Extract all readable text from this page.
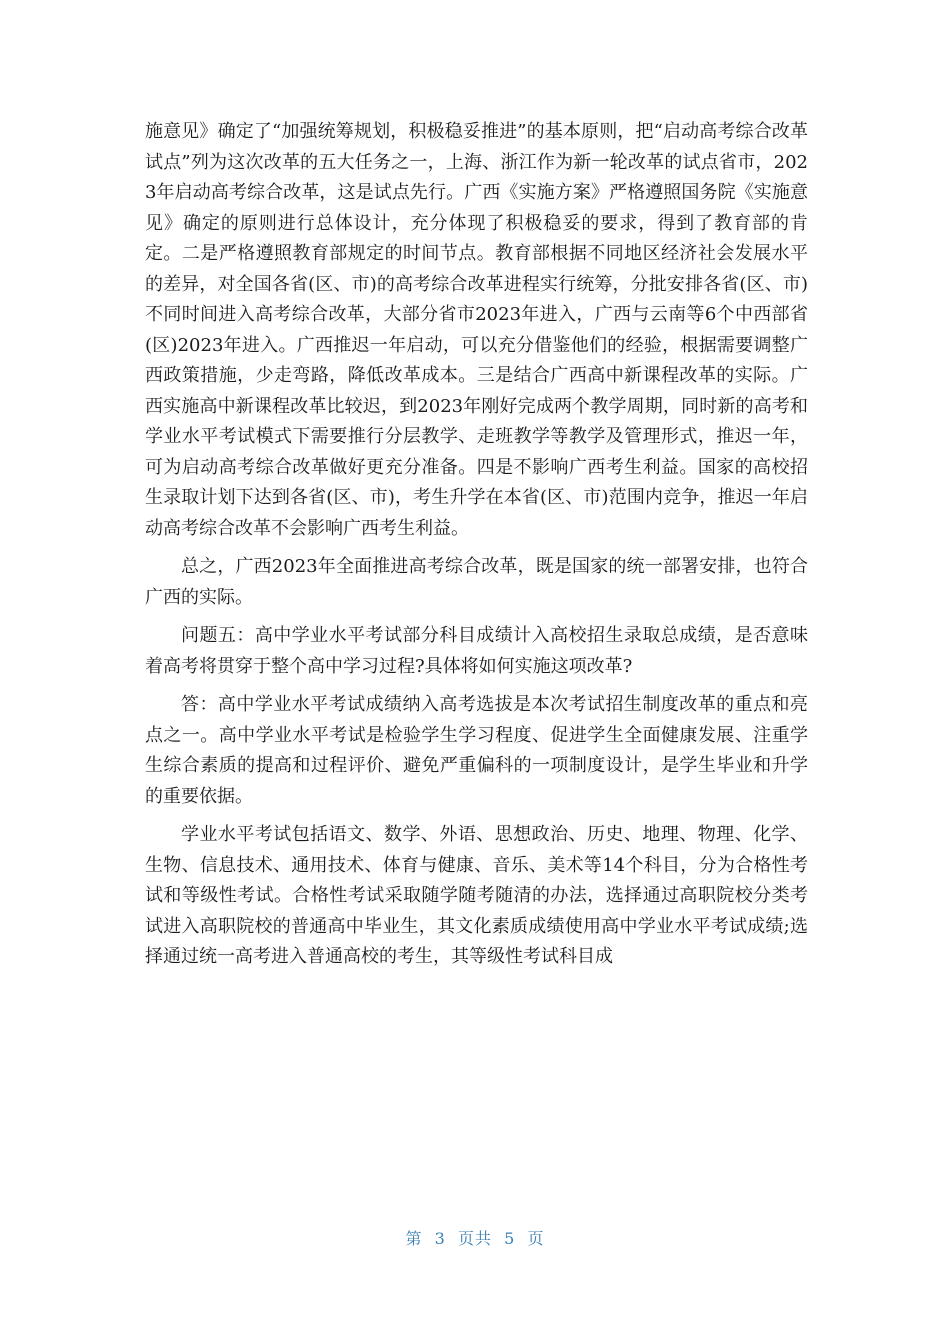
施意见》确定了“加强统筹规划，积极稳妥推进”的基本原则，把“启动高考综合改革试点”列为这次改革的五大任务之一，上海、浙江作为新一轮改革的试点省市，2023年启动高考综合改革，这是试点先行。广西《实施方案》严格遵照国务院《实施意见》确定的原则进行总体设计，充分体现了积极稳妥的要求，得到了教育部的肯定。二是严格遵照教育部规定的时间节点。教育部根据不同地区经济社会发展水平的差异，对全国各省(区、市)的高考综合改革进程实行统筹，分批安排各省(区、市)不同时间进入高考综合改革，大部分省市2023年进入，广西与云南等6个中西部省(区)2023年进入。广西推迟一年启动，可以充分借鉴他们的经验，根据需要调整广西政策措施，少走弯路，降低改革成本。三是结合广西高中新课程改革的实际。广西实施高中新课程改革比较迟，到2023年刚好完成两个教学周期，同时新的高考和学业水平考试模式下需要推行分层教学、走班教学等教学及管理形式，推迟一年，可为启动高考综合改革做好更充分准备。四是不影响广西考生利益。国家的高校招生录取计划下达到各省(区、市)，考生升学在本省(区、市)范围内竞争，推迟一年启动高考综合改革不会影响广西考生利益。

总之，广西2023年全面推进高考综合改革，既是国家的统一部署安排，也符合广西的实际。

问题五：高中学业水平考试部分科目成绩计入高校招生录取总成绩，是否意味着高考将贯穿于整个高中学习过程?具体将如何实施这项改革?

答：高中学业水平考试成绩纳入高考选拔是本次考试招生制度改革的重点和亮点之一。高中学业水平考试是检验学生学习程度、促进学生全面健康发展、注重学生综合素质的提高和过程评价、避免严重偏科的一项制度设计，是学生毕业和升学的重要依据。

学业水平考试包括语文、数学、外语、思想政治、历史、地理、物理、化学、生物、信息技术、通用技术、体育与健康、音乐、美术等14个科目，分为合格性考试和等级性考试。合格性考试采取随学随考随清的办法，选择通过高职院校分类考试进入高职院校的普通高中毕业生，其文化素质成绩使用高中学业水平考试成绩;选择通过统一高考进入普通高校的考生，其等级性考试科目成

第  3  页共  5  页
